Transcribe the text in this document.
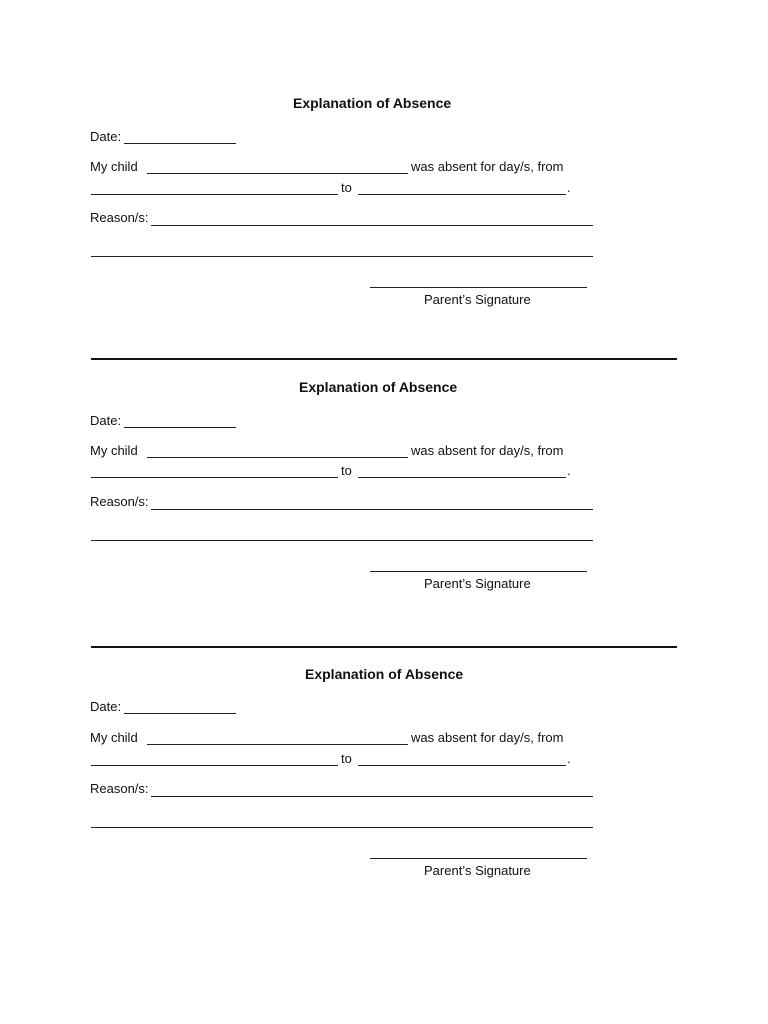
Explanation of Absence
Date:
My child	was absent for day/s, from
to	.
Reason/s:
Parent’s Signature
Explanation of Absence
Date:
My child	was absent for day/s, from
to	.
Reason/s:
Parent’s Signature
Explanation of Absence
Date:
My child	was absent for day/s, from
to	.
Reason/s:
Parent’s Signature
